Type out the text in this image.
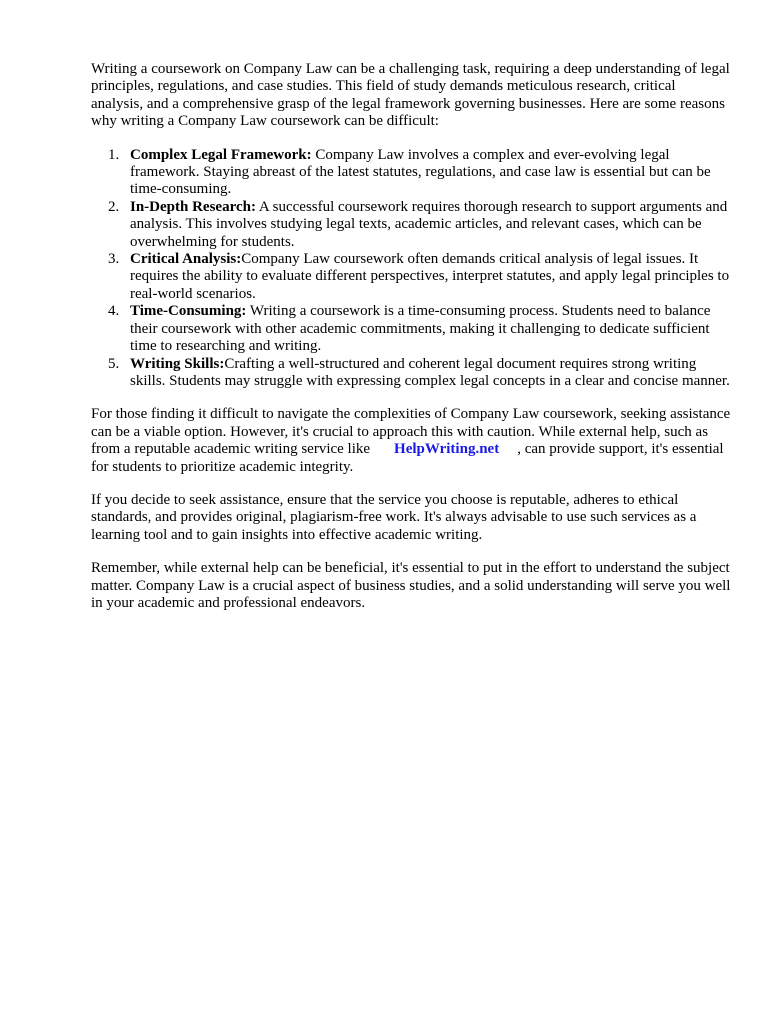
Writing a coursework on Company Law can be a challenging task, requiring a deep understanding of legal principles, regulations, and case studies. This field of study demands meticulous research, critical analysis, and a comprehensive grasp of the legal framework governing businesses. Here are some reasons why writing a Company Law coursework can be difficult:

1. Complex Legal Framework: Company Law involves a complex and ever-evolving legal framework. Staying abreast of the latest statutes, regulations, and case law is essential but can be time-consuming.
2. In-Depth Research: A successful coursework requires thorough research to support arguments and analysis. This involves studying legal texts, academic articles, and relevant cases, which can be overwhelming for students.
3. Critical Analysis:Company Law coursework often demands critical analysis of legal issues. It requires the ability to evaluate different perspectives, interpret statutes, and apply legal principles to real-world scenarios.
4. Time-Consuming: Writing a coursework is a time-consuming process. Students need to balance their coursework with other academic commitments, making it challenging to dedicate sufficient time to researching and writing.
5. Writing Skills:Crafting a well-structured and coherent legal document requires strong writing skills. Students may struggle with expressing complex legal concepts in a clear and concise manner.

For those finding it difficult to navigate the complexities of Company Law coursework, seeking assistance can be a viable option. However, it's crucial to approach this with caution. While external help, such as from a reputable academic writing service like HelpWriting.net , can provide support, it's essential for students to prioritize academic integrity.

If you decide to seek assistance, ensure that the service you choose is reputable, adheres to ethical standards, and provides original, plagiarism-free work. It's always advisable to use such services as a learning tool and to gain insights into effective academic writing.

Remember, while external help can be beneficial, it's essential to put in the effort to understand the subject matter. Company Law is a crucial aspect of business studies, and a solid understanding will serve you well in your academic and professional endeavors.
